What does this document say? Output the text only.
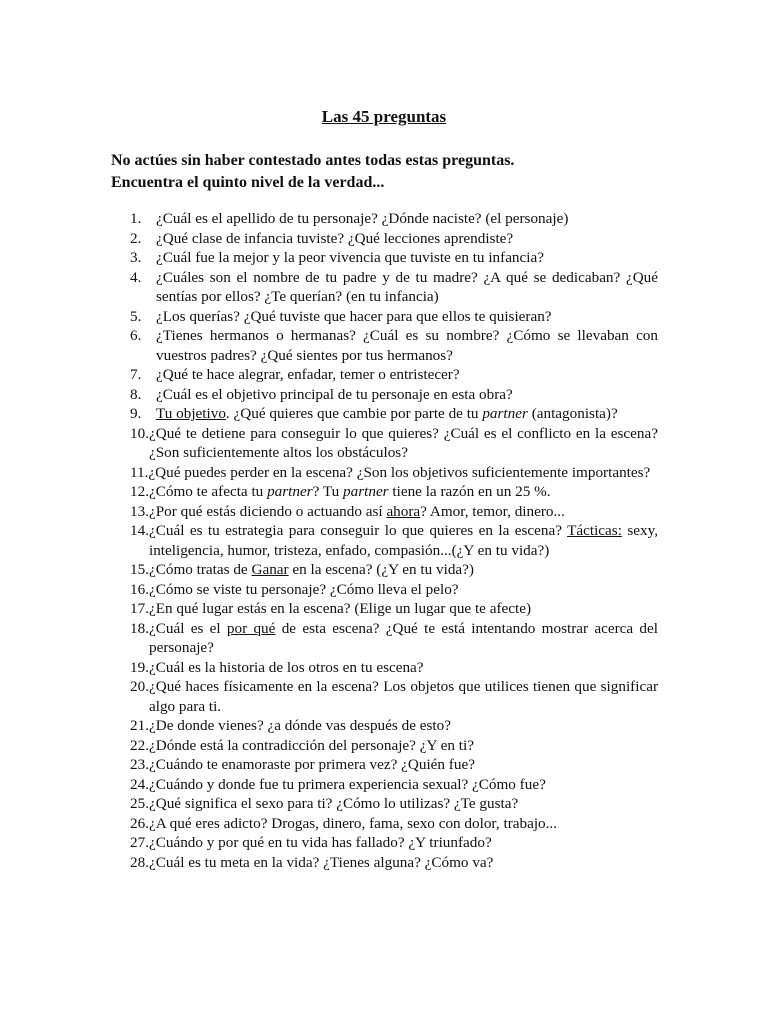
Las 45 preguntas
No actúes sin haber contestado antes todas estas preguntas.
Encuentra el quinto nivel de la verdad...
1. ¿Cuál es el apellido de tu personaje? ¿Dónde naciste? (el personaje)
2. ¿Qué clase de infancia tuviste? ¿Qué lecciones aprendiste?
3. ¿Cuál fue la mejor y la peor vivencia que tuviste en tu infancia?
4. ¿Cuáles son el nombre de tu padre y de tu madre? ¿A qué se dedicaban? ¿Qué sentías por ellos? ¿Te querían? (en tu infancia)
5. ¿Los querías? ¿Qué tuviste que hacer para que ellos te quisieran?
6. ¿Tienes hermanos o hermanas? ¿Cuál es su nombre? ¿Cómo se llevaban con vuestros padres? ¿Qué sientes por tus hermanos?
7. ¿Qué te hace alegrar, enfadar, temer o entristecer?
8. ¿Cuál es el objetivo principal de tu personaje en esta obra?
9. Tu objetivo. ¿Qué quieres que cambie por parte de tu partner (antagonista)?
10. ¿Qué te detiene para conseguir lo que quieres? ¿Cuál es el conflicto en la escena? ¿Son suficientemente altos los obstáculos?
11. ¿Qué puedes perder en la escena? ¿Son los objetivos suficientemente importantes?
12. ¿Cómo te afecta tu partner? Tu partner tiene la razón en un 25 %.
13. ¿Por qué estás diciendo o actuando así ahora? Amor, temor, dinero...
14. ¿Cuál es tu estrategia para conseguir lo que quieres en la escena? Tácticas: sexy, inteligencia, humor, tristeza, enfado, compasión...(¿Y en tu vida?)
15. ¿Cómo tratas de Ganar en la escena? (¿Y en tu vida?)
16. ¿Cómo se viste tu personaje? ¿Cómo lleva el pelo?
17. ¿En qué lugar estás en la escena? (Elige un lugar que te afecte)
18. ¿Cuál es el por qué de esta escena? ¿Qué te está intentando mostrar acerca del personaje?
19. ¿Cuál es la historia de los otros en tu escena?
20. ¿Qué haces físicamente en la escena? Los objetos que utilices tienen que significar algo para ti.
21. ¿De donde vienes? ¿a dónde vas después de esto?
22. ¿Dónde está la contradicción del personaje? ¿Y en ti?
23. ¿Cuándo te enamoraste por primera vez? ¿Quién fue?
24. ¿Cuándo y donde fue tu primera experiencia sexual? ¿Cómo fue?
25. ¿Qué significa el sexo para ti? ¿Cómo lo utilizas? ¿Te gusta?
26. ¿A qué eres adicto? Drogas, dinero, fama, sexo con dolor, trabajo...
27. ¿Cuándo y por qué en tu vida has fallado? ¿Y triunfado?
28. ¿Cuál es tu meta en la vida? ¿Tienes alguna? ¿Cómo va?
